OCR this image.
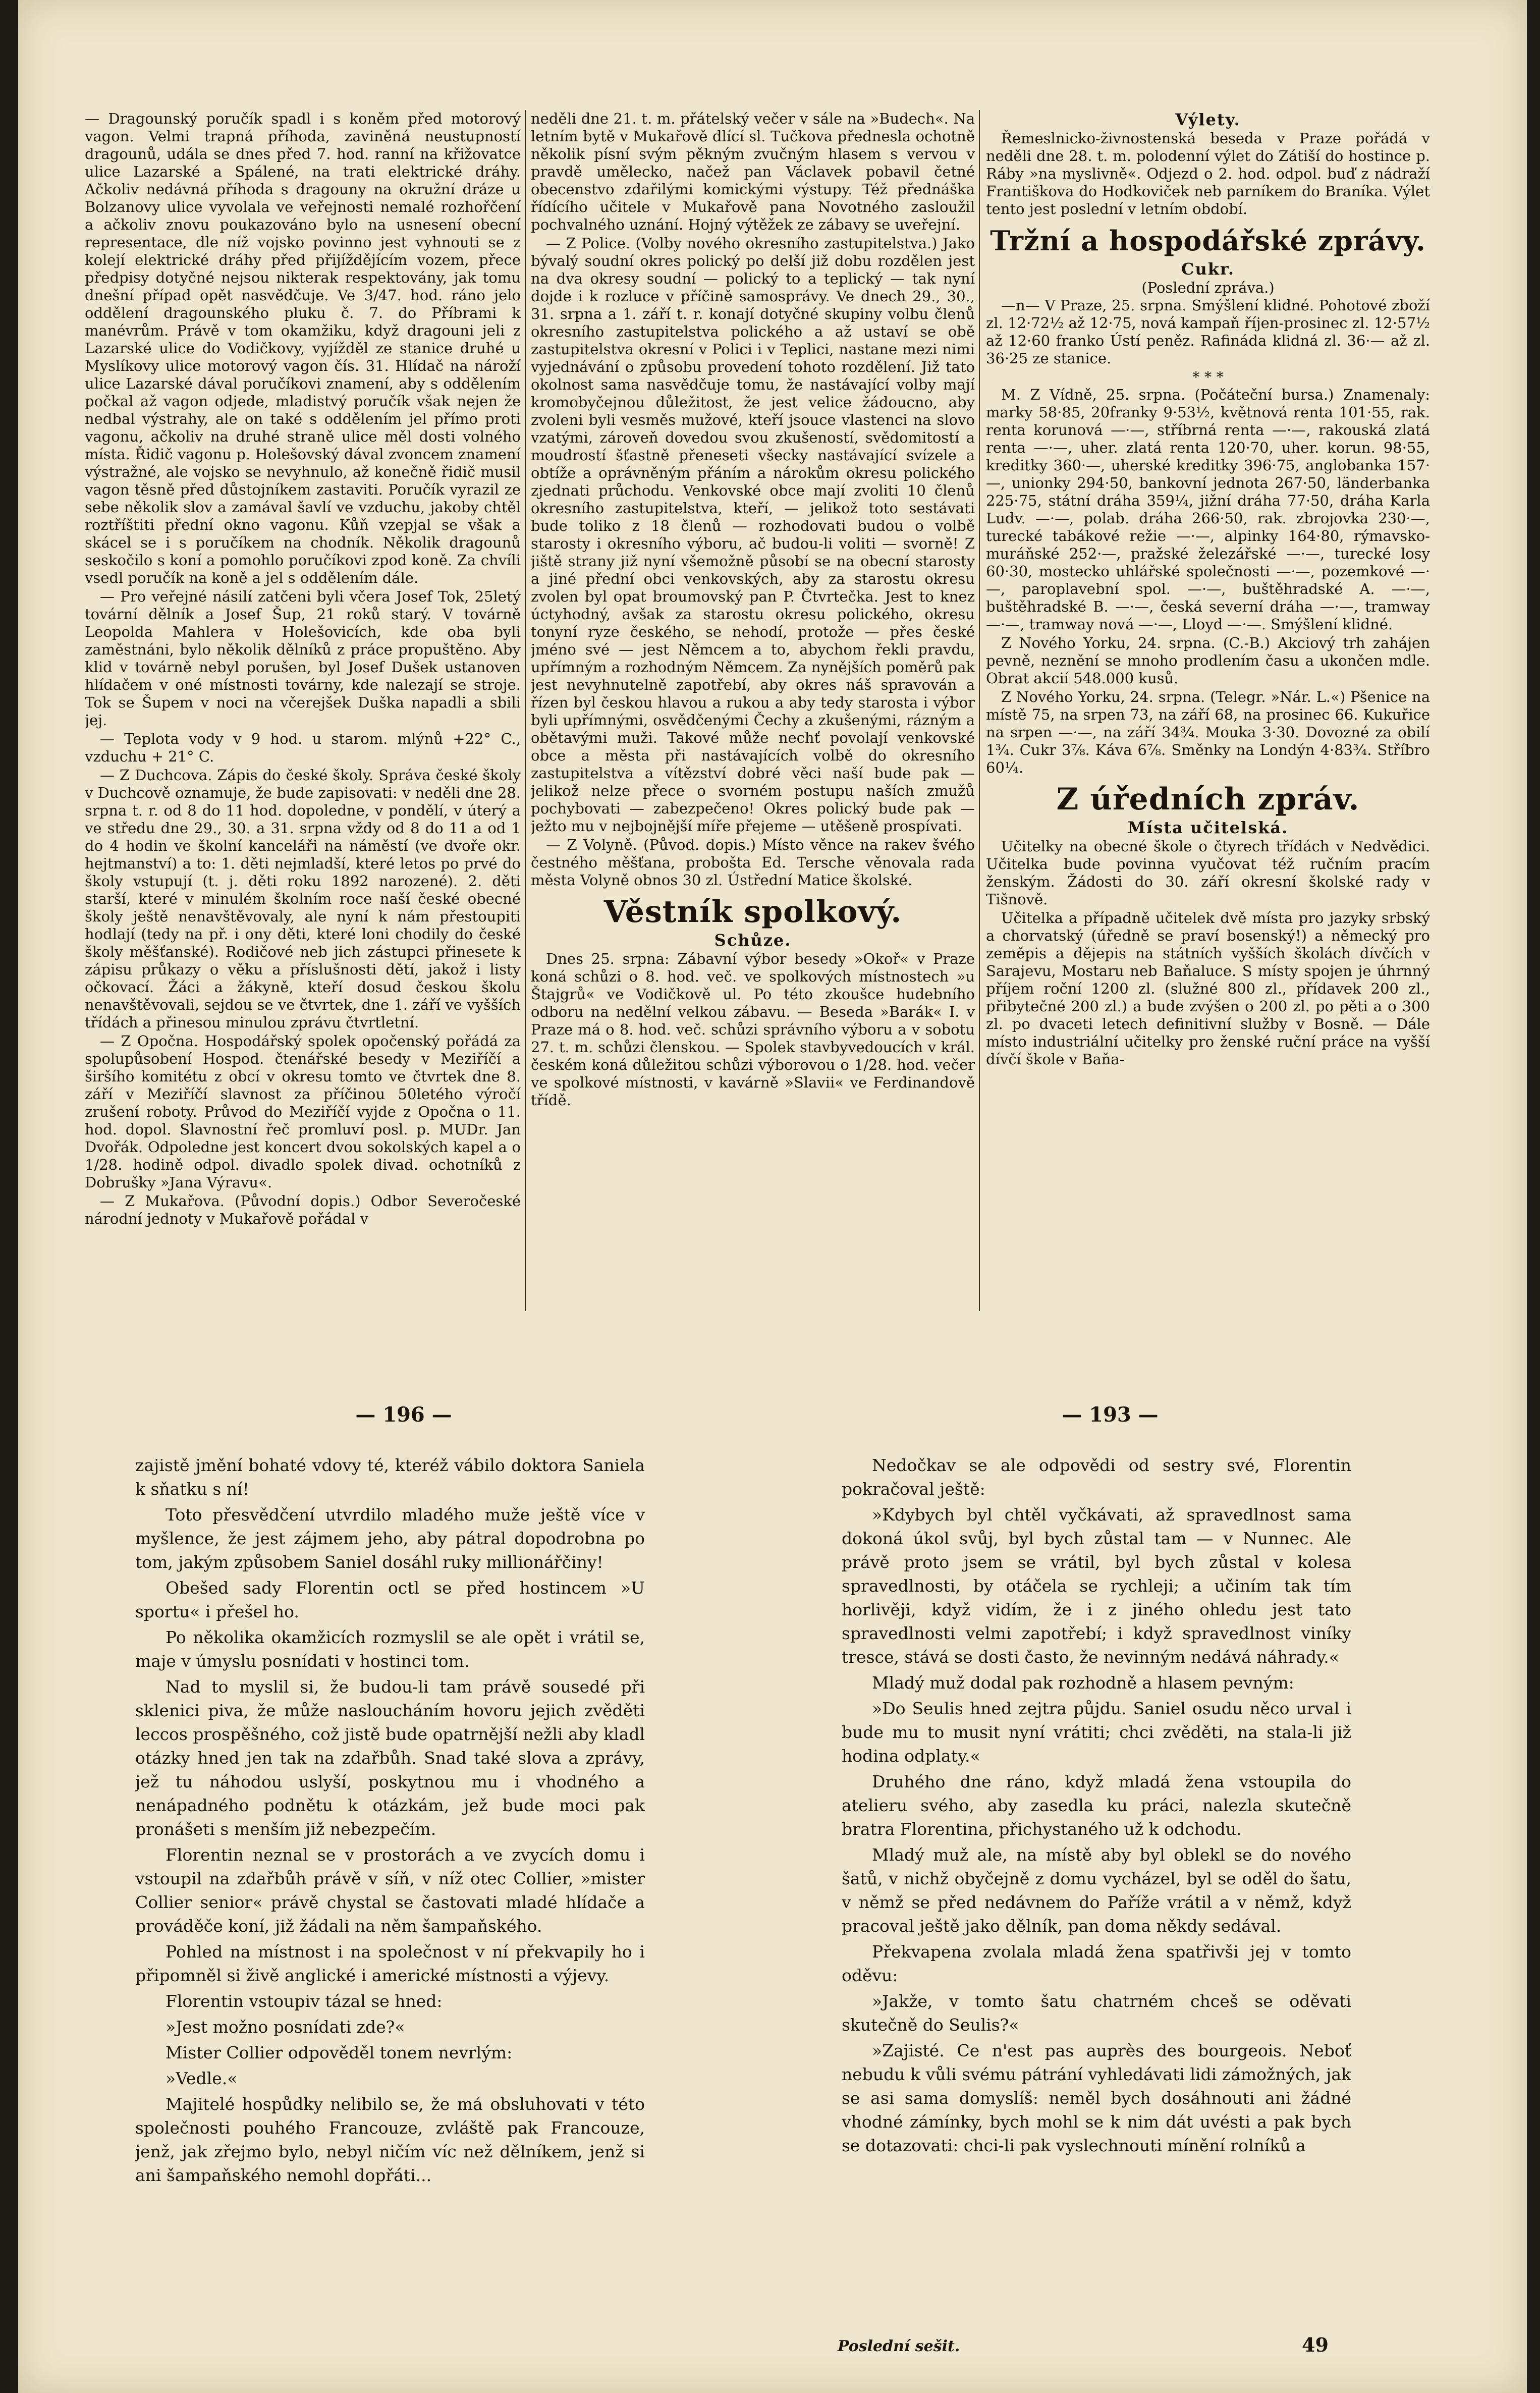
— Dragounský poručík spadl i s koněm před motorový vagon. Velmi trapná příhoda, zaviněná neustupností dragounů, udála se dnes před 7. hod. ranní na křižovatce ulice Lazarské a Spálené, na trati elektrické dráhy. Ačkoliv nedávná příhoda s dragouny na okružní dráze u Bolzanovy ulice vyvolala ve veřejnosti nemalé rozhořčení a ačkoliv znovu poukazováno bylo na usnesení obecní representace, dle níž vojsko povinno jest vyhnouti se z kolejí elektrické dráhy před přijíždějícím vozem, přece předpisy dotyčné nejsou nikterak respektovány, jak tomu dnešní případ opět nasvědčuje. Ve 3/47. hod. ráno jelo oddělení dragounského pluku č. 7. do Příbrami k manévrům. Právě v tom okamžiku, když dragouni jeli z Lazarské ulice do Vodičkovy, vyjížděl ze stanice druhé u Myslíkovy ulice motorový vagon čís. 31. Hlídač na nároží ulice Lazarské dával poručíkovi znamení, aby s oddělením počkal až vagon odjede, mladistvý poručík však nejen že nedbal výstrahy, ale on také s oddělením jel přímo proti vagonu, ačkoliv na druhé straně ulice měl dosti volného místa. Řidič vagonu p. Holešovský dával zvoncem znamení výstražné, ale vojsko se nevyhnulo, až konečně řidič musil vagon těsně před důstojníkem zastaviti. Poručík vyrazil ze sebe několik slov a zamával šavlí ve vzduchu, jakoby chtěl roztříštiti přední okno vagonu. Kůň vzepjal se však a skácel se i s poručíkem na chodník. Několik dragounů seskočilo s koní a pomohlo poručíkovi zpod koně. Za chvíli vsedl poručík na koně a jel s oddělením dále.

— Pro veřejné násilí zatčeni byli včera Josef Tok, 25letý tovární dělník a Josef Šup, 21 roků starý. V továrně Leopolda Mahlera v Holešovicích, kde oba byli zaměstnáni, bylo několik dělníků z práce propuštěno. Aby klid v továrně nebyl porušen, byl Josef Dušek ustanoven hlídačem v oné místnosti továrny, kde nalezají se stroje. Tok se Šupem v noci na včerejšek Duška napadli a sbili jej.

— Teplota vody v 9 hod. u starom. mlýnů +22° C., vzduchu + 21° C.

— Z Duchcova. Zápis do české školy. Správa české školy v Duchcově oznamuje, že bude zapisovati: v neděli dne 28. srpna t. r. od 8 do 11 hod. dopoledne, v pondělí, v úterý a ve středu dne 29., 30. a 31. srpna vždy od 8 do 11 a od 1 do 4 hodin ve školní kanceláři na náměstí (ve dvoře okr. hejtmanství) a to: 1. děti nejmladší, které letos po prvé do školy vstupují (t. j. děti roku 1892 narozené). 2. děti starší, které v minulém školním roce naší české obecné školy ještě nenavštěvovaly, ale nyní k nám přestoupiti hodlají (tedy na př. i ony děti, které loni chodily do české školy měšťanské). Rodičové neb jich zástupci přinesete k zápisu průkazy o věku a příslušnosti dětí, jakož i listy očkovací. Žáci a žákyně, kteří dosud českou školu nenavštěvovali, sejdou se ve čtvrtek, dne 1. září ve vyšších třídách a přinesou minulou zprávu čtvrtletní.

— Z Opočna. Hospodářský spolek opočenský pořádá za spolupůsobení Hospod. čtenářské besedy v Meziříčí a širšího komitétu z obcí v okresu tomto ve čtvrtek dne 8. září v Meziříčí slavnost za příčinou 50letého výročí zrušení roboty. Průvod do Meziříčí vyjde z Opočna o 11. hod. dopol. Slavnostní řeč promluví posl. p. MUDr. Jan Dvořák. Odpoledne jest koncert dvou sokolských kapel a o 1/28. hodině odpol. divadlo spolek divad. ochotníků z Dobrušky »Jana Výravu«.

— Z Mukařova. (Původní dopis.) Odbor Severočeské národní jednoty v Mukařově pořádal v

neděli dne 21. t. m. přátelský večer v sále na »Budech«. Na letním bytě v Mukařově dlící sl. Tučkova přednesla ochotně několik písní svým pěkným zvučným hlasem s vervou v pravdě umělecko, načež pan Václavek pobavil četné obecenstvo zdařilými komickými výstupy. Též přednáška řídícího učitele v Mukařově pana Novotného zasloužil pochvalného uznání. Hojný výtěžek ze zábavy se uveřejní.

— Z Police. (Volby nového okresního zastupitelstva.) Jako bývalý soudní okres polický po delší již dobu rozdělen jest na dva okresy soudní — polický to a teplický — tak nyní dojde i k rozluce v příčině samosprávy. Ve dnech 29., 30., 31. srpna a 1. září t. r. konají dotyčné skupiny volbu členů okresního zastupitelstva polického a až ustaví se obě zastupitelstva okresní v Polici i v Teplici, nastane mezi nimi vyjednávání o způsobu provedení tohoto rozdělení. Již tato okolnost sama nasvědčuje tomu, že nastávající volby mají kromobyčejnou důležitost, že jest velice žádoucno, aby zvoleni byli vesměs mužové, kteří jsouce vlastenci na slovo vzatými, zároveň dovedou svou zkušeností, svědomitostí a moudrostí šťastně přeneseti všecky nastávající svízele a obtíže a oprávněným přáním a nárokům okresu polického zjednati průchodu. Venkovské obce mají zvoliti 10 členů okresního zastupitelstva, kteří, — jelikož toto sestávati bude toliko z 18 členů — rozhodovati budou o volbě starosty i okresního výboru, ač budou-li voliti — svorně! Z jiště strany již nyní všemožně působí se na obecní starosty a jiné přední obci venkovských, aby za starostu okresu zvolen byl opat broumovský pan P. Čtvrtečka. Jest to knez úctyhodný, avšak za starostu okresu polického, okresu tonyní ryze českého, se nehodí, protože — přes české jméno své — jest Němcem a to, abychom řekli pravdu, upřímným a rozhodným Němcem. Za nynějších poměrů pak jest nevyhnutelně zapotřebí, aby okres náš spravován a řízen byl českou hlavou a rukou a aby tedy starosta i výbor byli upřímnými, osvědčenými Čechy a zkušenými, rázným a obětavými muži. Takové může nechť povolají venkovské obce a města při nastávajících volbě do okresního zastupitelstva a vítězství dobré věci naší bude pak — jelikož nelze přece o svorném postupu naších zmužů pochybovati — zabezpečeno! Okres polický bude pak — ježto mu v nejbojnější míře přejeme — utěšeně prospívati.

— Z Volyně. (Původ. dopis.) Místo věnce na rakev švého čestného měšťana, probošta Ed. Tersche věnovala rada města Volyně obnos 30 zl. Ústřední Matice školské.

Věstník spolkový.
Schůze.

Dnes 25. srpna: Zábavní výbor besedy »Okoř« v Praze koná schůzi o 8. hod. več. ve spolkových místnostech »u Štajgrů« ve Vodičkově ul. Po této zkoušce hudebního odboru na nedělní velkou zábavu. — Beseda »Barák« I. v Praze má o 8. hod. več. schůzi správního výboru a v sobotu 27. t. m. schůzi členskou. — Spolek stavbyvedoucích v král. českém koná důležitou schůzi výborovou o 1/28. hod. večer ve spolkové místnosti, v kavárně »Slavii« ve Ferdinandově třídě.

Výlety.

Řemeslnicko-živnostenská beseda v Praze pořádá v neděli dne 28. t. m. polodenní výlet do Zátiší do hostince p. Ráby »na myslivně«. Odjezd o 2. hod. odpol. buď z nádraží Františkova do Hodkoviček neb parníkem do Braníka. Výlet tento jest poslední v letním období.

Tržní a hospodářské zprávy.
Cukr.
(Poslední zpráva.)

—n— V Praze, 25. srpna. Smýšlení klidné. Pohotové zboží zl. 12·72½ až 12·75, nová kampaň říjen-prosinec zl. 12·57½ až 12·60 franko Ústí peněz. Rafináda klidná zl. 36·— až zl. 36·25 ze stanice.

* * *

M. Z Vídně, 25. srpna. (Počáteční bursa.) Znamenaly: marky 58·85, 20franky 9·53½, květnová renta 101·55, rak. renta korunová —·—, stříbrná renta —·—, rakouská zlatá renta —·—, uher. zlatá renta 120·70, uher. korun. 98·55, kreditky 360·—, uherské kreditky 396·75, anglobanka 157·—, unionky 294·50, bankovní jednota 267·50, länderbanka 225·75, státní dráha 359¼, jižní dráha 77·50, dráha Karla Ludv. —·—, polab. dráha 266·50, rak. zbrojovka 230·—, turecké tabákové režie —·—, alpinky 164·80, rýmavsko-muráňské 252·—, pražské železářské —·—, turecké losy 60·30, mostecko uhlářské společnosti —·—, pozemkové —·—, paroplavební spol. —·—, buštěhradské A. —·—, buštěhradské B. —·—, česká severní dráha —·—, tramway —·—, tramway nová —·—, Lloyd —·—. Smýšlení klidné.

Z Nového Yorku, 24. srpna. (C.-B.) Akciový trh zahájen pevně, neznění se mnoho prodlením času a ukončen mdle. Obrat akcií 548.000 kusů.

Z Nového Yorku, 24. srpna. (Telegr. »Nár. L.«) Pšenice na místě 75, na srpen 73, na září 68, na prosinec 66. Kukuřice na srpen —·—, na září 34¾. Mouka 3·30. Dovozné za obilí 1¾. Cukr 3⅞. Káva 6⅞. Směnky na Londýn 4·83¾. Stříbro 60¼.

Z úředních zpráv.
Místa učitelská.

Učitelky na obecné škole o čtyrech třídách v Nedvědici. Učitelka bude povinna vyučovat též ručním pracím ženským. Žádosti do 30. září okresní školské rady v Tišnově.

Učitelka a případně učitelek dvě místa pro jazyky srbský a chorvatský (úředně se praví bosenský!) a německý pro zeměpis a dějepis na státních vyšších školách dívčích v Sarajevu, Mostaru neb Baňaluce. S místy spojen je úhrnný příjem roční 1200 zl. (služné 800 zl., přídavek 200 zl., přibytečné 200 zl.) a bude zvýšen o 200 zl. po pěti a o 300 zl. po dvaceti letech definitivní služby v Bosně. — Dále místo industriální učitelky pro ženské ruční práce na vyšší dívčí škole v Baňa-

— 196 —	— 193 —

zajistě jmění bohaté vdovy té, kteréž vábilo doktora Saniela k sňatku s ní!

Toto přesvědčení utvrdilo mladého muže ještě více v myšlence, že jest zájmem jeho, aby pátral dopodrobna po tom, jakým způsobem Saniel dosáhl ruky millionářčiny!

Obešed sady Florentin octl se před hostincem »U sportu« i přešel ho.

Po několika okamžicích rozmyslil se ale opět i vrátil se, maje v úmyslu posnídati v hostinci tom.

Nad to myslil si, že budou-li tam právě sousedé při sklenici piva, že může nasloucháním hovoru jejich zvěděti leccos prospěšného, což jistě bude opatrnější nežli aby kladl otázky hned jen tak na zdařbůh. Snad také slova a zprávy, jež tu náhodou uslyší, poskytnou mu i vhodného a nenápadného podnětu k otázkám, jež bude moci pak pronášeti s menším již nebezpečím.

Florentin neznal se v prostorách a ve zvycích domu i vstoupil na zdařbůh právě v síň, v níž otec Collier, »mister Collier senior« právě chystal se častovati mladé hlídače a prováděče koní, již žádali na něm šampaňského.

Pohled na místnost i na společnost v ní překvapily ho i připomněl si živě anglické i americké místnosti a výjevy.

Florentin vstoupiv tázal se hned:

»Jest možno posnídati zde?«

Mister Collier odpověděl tonem nevrlým:

»Vedle.«

Majitelé hospůdky nelibilo se, že má obsluhovati v této společnosti pouhého Francouze, zvláště pak Francouze, jenž, jak zřejmo bylo, nebyl ničím víc než dělníkem, jenž si ani šampaňského nemohl dopřáti...

Nedočkav se ale odpovědi od sestry své, Florentin pokračoval ještě:

»Kdybych byl chtěl vyčkávati, až spravedlnost sama dokoná úkol svůj, byl bych zůstal tam — v Nunnec. Ale právě proto jsem se vrátil, byl bych zůstal v kolesa spravedlnosti, by otáčela se rychleji; a učiním tak tím horlivěji, když vidím, že i z jiného ohledu jest tato spravedlnosti velmi zapotřebí; i když spravedlnost viníky tresce, stává se dosti často, že nevinným nedává náhrady.«

Mladý muž dodal pak rozhodně a hlasem pevným:

»Do Seulis hned zejtra půjdu. Saniel osudu něco urval i bude mu to musit nyní vrátiti; chci zvěděti, na stala-li již hodina odplaty.«

Druhého dne ráno, když mladá žena vstoupila do atelieru svého, aby zasedla ku práci, nalezla skutečně bratra Florentina, přichystaného už k odchodu.

Mladý muž ale, na místě aby byl oblekl se do nového šatů, v nichž obyčejně z domu vycházel, byl se oděl do šatu, v němž se před nedávnem do Paříže vrátil a v němž, když pracoval ještě jako dělník, pan doma někdy sedával.

Překvapena zvolala mladá žena spatřivši jej v tomto oděvu:

»Jakže, v tomto šatu chatrném chceš se oděvati skutečně do Seulis?«

»Zajisté. Ce n'est pas auprès des bourgeois. Neboť nebudu k vůli svému pátrání vyhledávati lidi zámožných, jak se asi sama domyslíš: neměl bych dosáhnouti ani žádné vhodné zámínky, bych mohl se k nim dát uvésti a pak bych se dotazovati: chci-li pak vyslechnouti mínění rolníků a

Poslední sešit.	49
